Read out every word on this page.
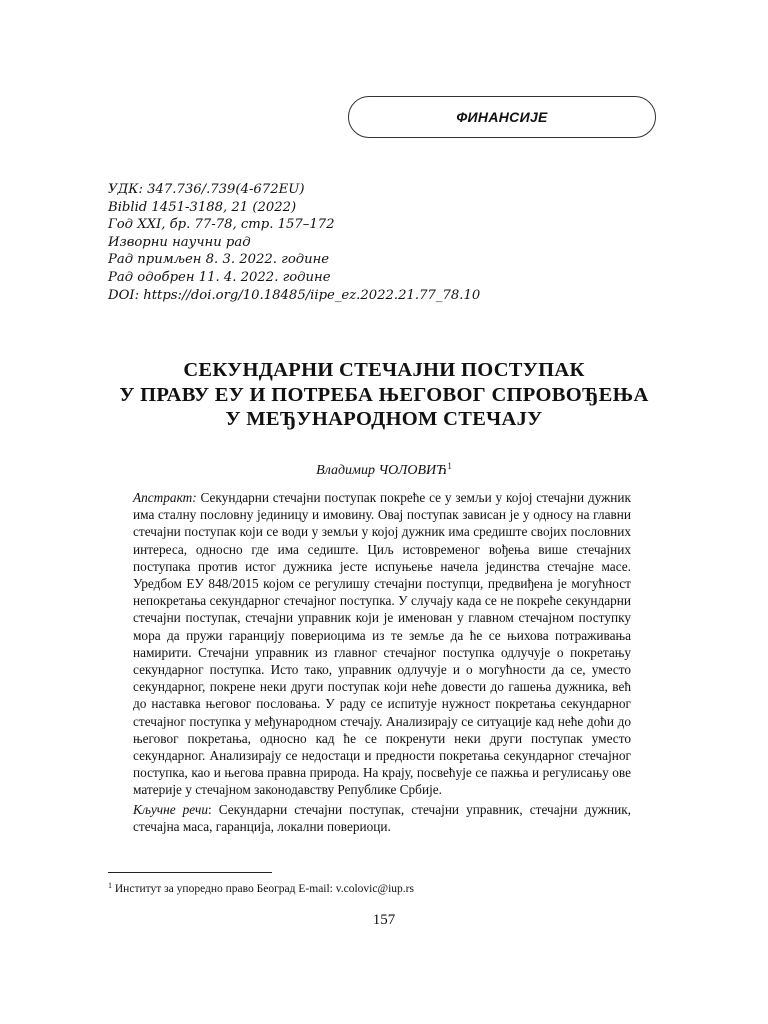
ФИНАНСИЈЕ
УДК: 347.736/.739(4-672EU)
Biblid 1451-3188, 21 (2022)
Год XXI, бр. 77-78, стр. 157–172
Изворни научни рад
Рад примљен 8. 3. 2022. године
Рад одобрен 11. 4. 2022. године
DOI: https://doi.org/10.18485/iipe_ez.2022.21.77_78.10
СЕКУНДАРНИ СТЕЧАЈНИ ПОСТУПАК
У ПРАВУ ЕУ И ПОТРЕБА ЊЕГОВОГ СПРОВОЂЕЊА
У МЕЂУНАРОДНОМ СТЕЧАЈУ
Владимир ЧОЛОВИЋ$^1$

Апстракт: Секундарни стечајни поступак покреће се у земљи у којој стечајни дужник има сталну пословну јединицу и имовину. Овај поступак зависан је у односу на главни стечајни поступак који се води у земљи у којој дужник има средиште својих пословних интереса, односно где има седиште. Циљ истовременог вођења више стечајних поступака против истог дужника јесте испуњење начела јединства стечајне масе. Уредбом ЕУ 848/2015 којом се регулишу стечајни поступци, предвиђена је могућност непокретања секундарног стечајног поступка. У случају када се не покреће секундарни стечајни поступак, стечајни управник који је именован у главном стечајном поступку мора да пружи гаранцију повериоцима из те земље да ће се њихова потраживања намирити. Стечајни управник из главног стечајног поступка одлучује о покретању секундарног поступка. Исто тако, управник одлучује и о могућности да се, уместо секундарног, покрене неки други поступак који неће довести до гашења дужника, већ до наставка његовог пословања. У раду се испитује нужност покретања секундарног стечајног поступка у међународном стечају. Анализирају се ситуације кад неће доћи до његовог покретања, односно кад ће се покренути неки други поступак уместо секундарног. Анализирају се недостаци и предности покретања секундарног стечајног поступка, као и његова правна природа. На крају, посвећује се пажња и регулисању ове материје у стечајном законодавству Републике Србије.

Кључне речи: Секундарни стечајни поступак, стечајни управник, стечајни дужник, стечајна маса, гаранција, локални повериоци.

$^1$ Институт за упоредно право Београд E-mail: v.colovic@iup.rs
157
